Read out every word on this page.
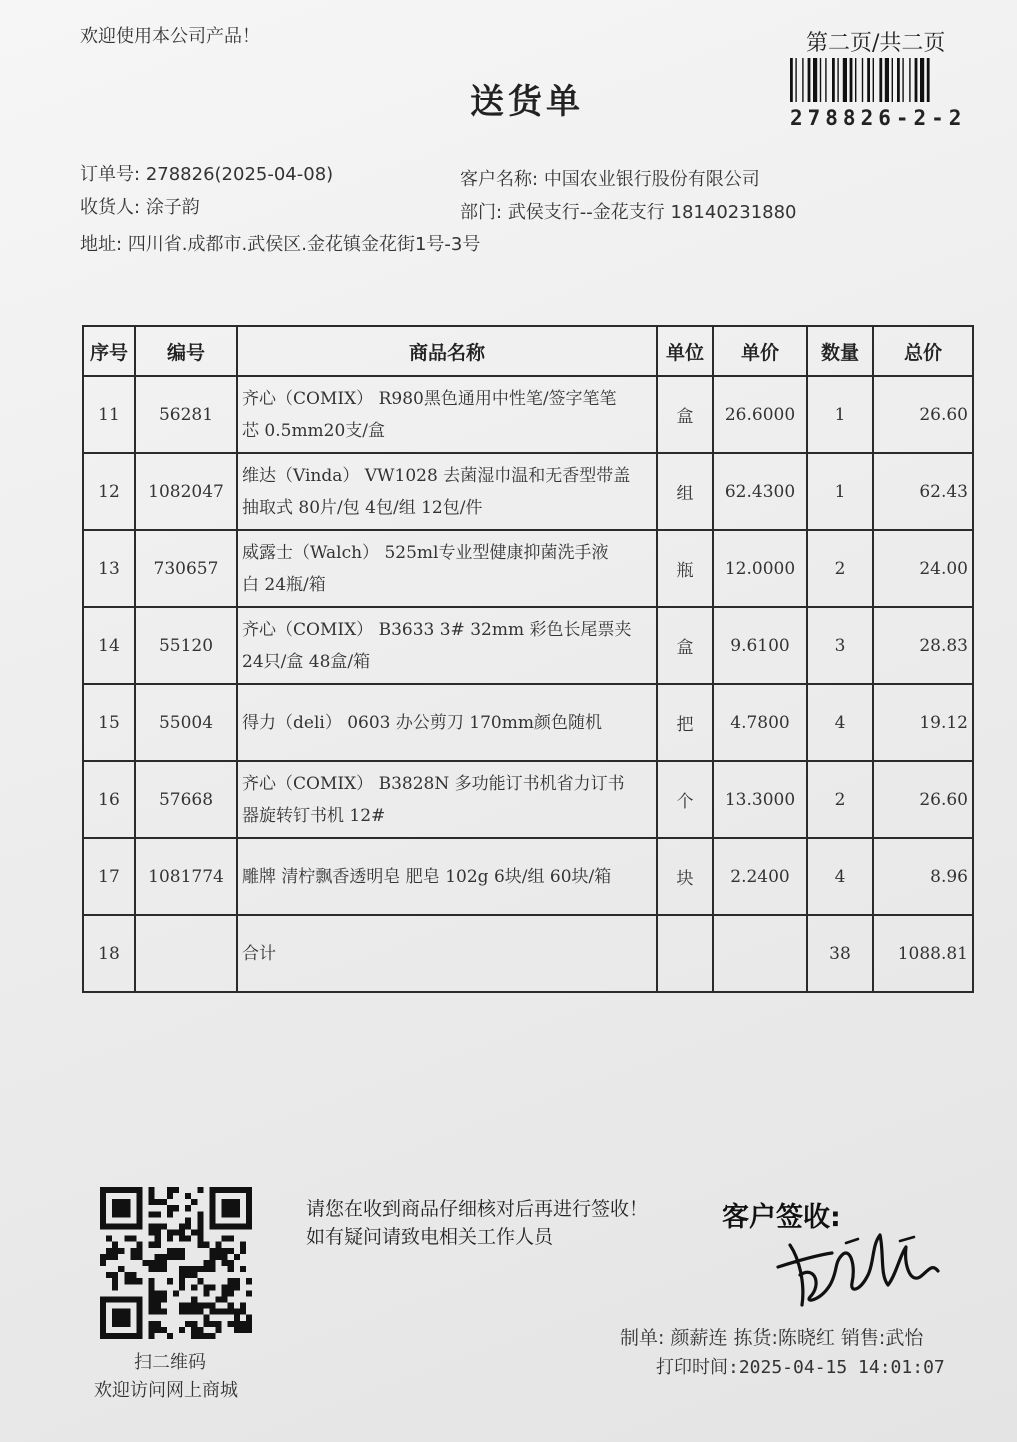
欢迎使用本公司产品！	第二页/共二页
278826-2-2
送货单
订单号: 278826(2025-04-08)
收货人: 涂子韵
地址: 四川省.成都市.武侯区.金花镇金花街1号-3号
客户名称: 中国农业银行股份有限公司
部门: 武侯支行--金花支行 18140231880
序号	编号	商品名称	单位	单价	数量	总价
11	56281	齐心（COMIX） R980黑色通用中性笔/签字笔笔
芯 0.5mm20支/盒	盒	26.6000	1	26.60
12	1082047	维达（Vinda） VW1028 去菌湿巾温和无香型带盖
抽取式 80片/包 4包/组 12包/件	组	62.4300	1	62.43
13	730657	威露士（Walch） 525ml专业型健康抑菌洗手液
白 24瓶/箱	瓶	12.0000	2	24.00
14	55120	齐心（COMIX） B3633 3# 32mm 彩色长尾票夹
24只/盒 48盒/箱	盒	9.6100	3	28.83
15	55004	得力（deli） 0603 办公剪刀 170mm颜色随机	把	4.7800	4	19.12
16	57668	齐心（COMIX） B3828N 多功能订书机省力订书
器旋转钉书机 12#	个	13.3000	2	26.60
17	1081774	雕牌 清柠飘香透明皂 肥皂 102g 6块/组 60块/箱	块	2.2400	4	8.96
18		合计			38	1088.81
扫二维码
欢迎访问网上商城
请您在收到商品仔细核对后再进行签收！如有疑问请致电相关工作人员
客户签收:
制单: 颜薪连 拣货:陈晓红 销售:武怡
打印时间:2025-04-15 14:01:07
